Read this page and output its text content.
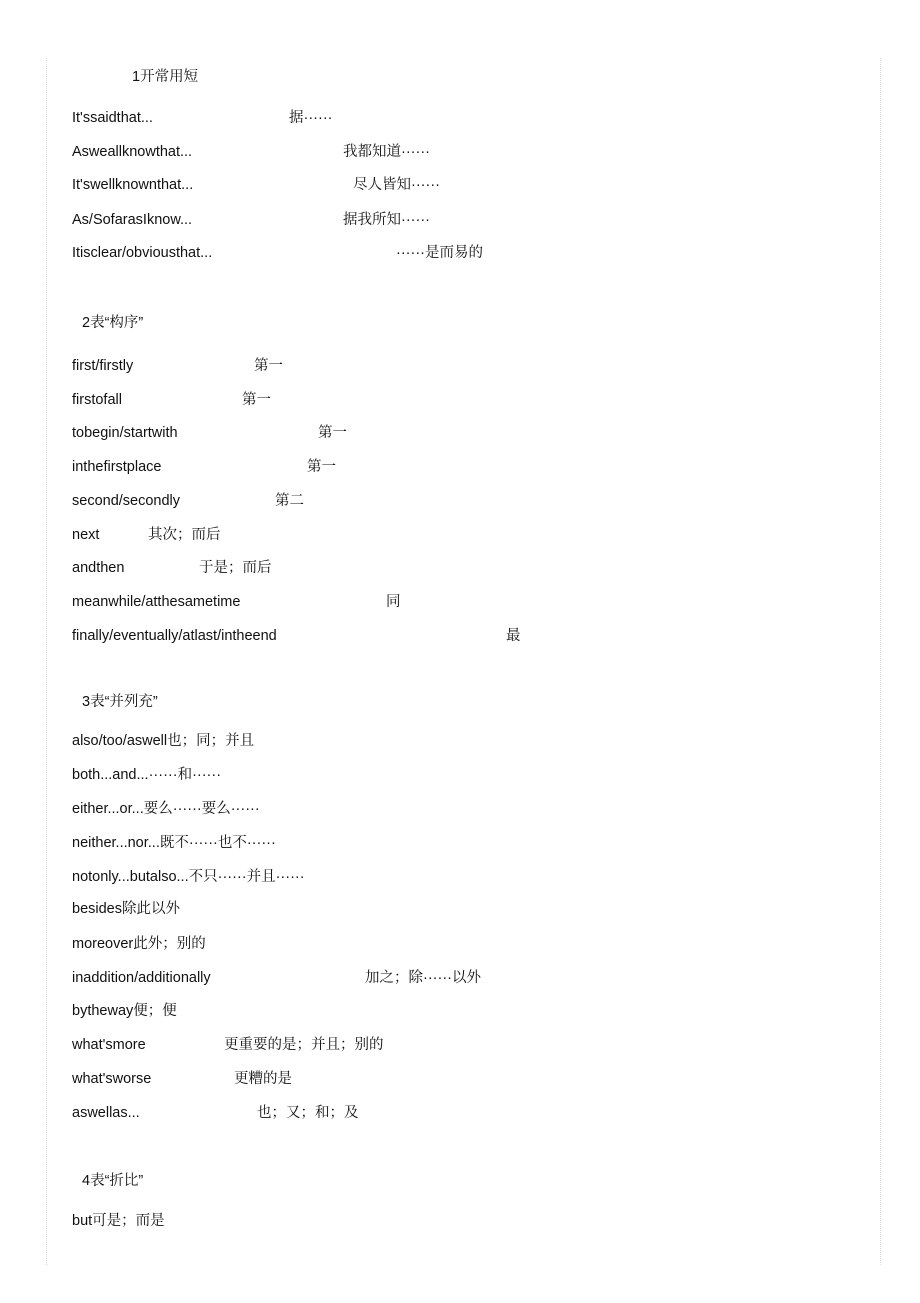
1开常用短
It'ssaidthat...	据······
Asweallknowthat...	我都知道······
It'swellknownthat...	尽人皆知······
As/SofarasIknow...	据我所知······
Itisclear/obviousthat...	······是而易的
2表“构序”
first/firstly	第一
firstofall	第一
tobegin/startwith	第一
inthefirstplace	第一
second/secondly	第二
next	其次；而后
andthen	于是；而后
meanwhile/atthesametime	同
finally/eventually/atlast/intheend	最
3表“并列充”
also/too/aswell也；同；并且
both...and...······和······
either...or...要么······要么······
neither...nor...既不······也不······
notonly...butalso...不只······并且······
besides除此以外
moreover此外；别的
inaddition/additionally	加之；除······以外
bytheway便；便
what'smore	更重要的是；并且；别的
what'sworse	更糟的是
aswellas...	也；又；和；及
4表“折比”
but可是；而是
